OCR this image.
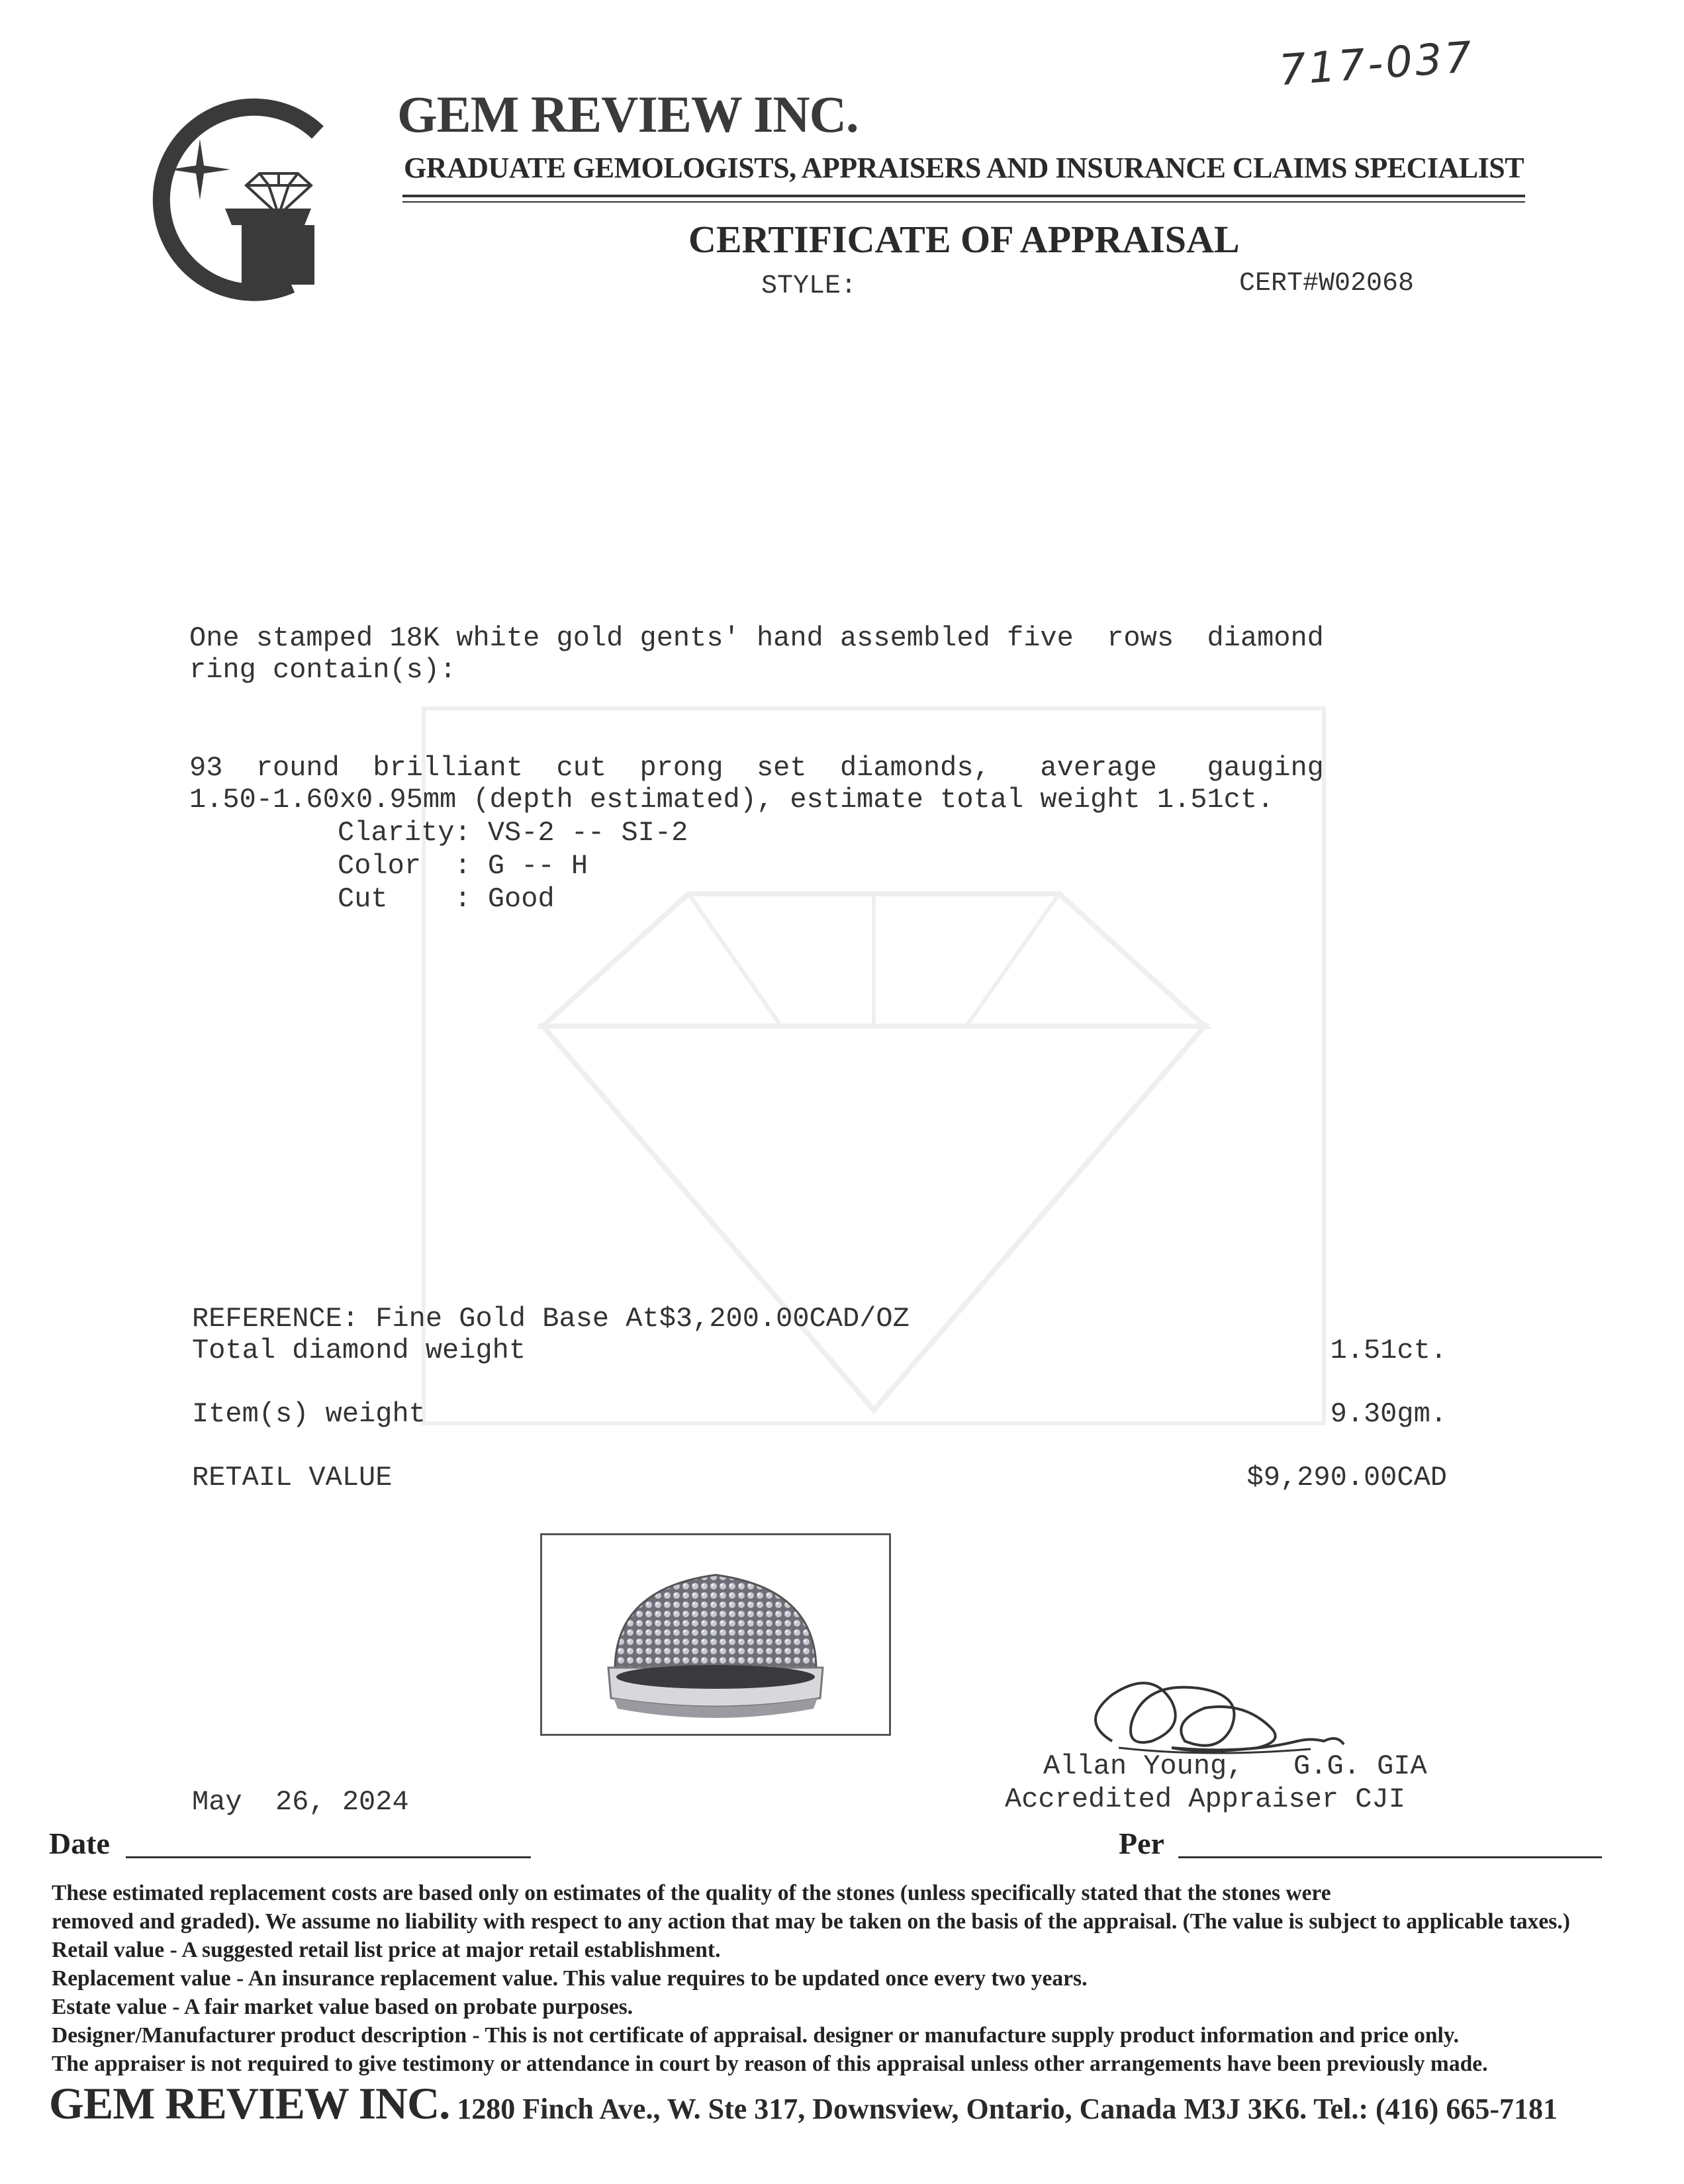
GEM REVIEW INC.
GRADUATE GEMOLOGISTS, APPRAISERS AND INSURANCE CLAIMS SPECIALIST
CERTIFICATE OF APPRAISAL
STYLE:	CERT#W02068
717-037
One stamped 18K white gold gents' hand assembled five  rows  diamond
ring contain(s):
93  round  brilliant  cut  prong  set  diamonds,   average   gauging
1.50-1.60x0.95mm (depth estimated), estimate total weight 1.51ct.
Clarity: VS-2 -- SI-2
Color  : G -- H
Cut    : Good
REFERENCE: Fine Gold Base At$3,200.00CAD/OZ
Total diamond weight	1.51ct.
Item(s) weight	9.30gm.
RETAIL VALUE	$9,290.00CAD
Allan Young,   G.G. GIA
Accredited Appraiser CJI
May  26, 2024
Date	Per
These estimated replacement costs are based only on estimates of the quality of the stones (unless specifically stated that the stones were
removed and graded). We assume no liability with respect to any action that may be taken on the basis of the appraisal. (The value is subject to applicable taxes.)
Retail value - A suggested retail list price at major retail establishment.
Replacement value - An insurance replacement value. This value requires to be updated once every two years.
Estate value - A fair market value based on probate purposes.
Designer/Manufacturer product description - This is not certificate of appraisal. designer or manufacture supply product information and price only.
The appraiser is not required to give testimony or attendance in court by reason of this appraisal unless other arrangements have been previously made.
GEM REVIEW INC. 1280 Finch Ave., W. Ste 317, Downsview, Ontario, Canada M3J 3K6. Tel.: (416) 665-7181
